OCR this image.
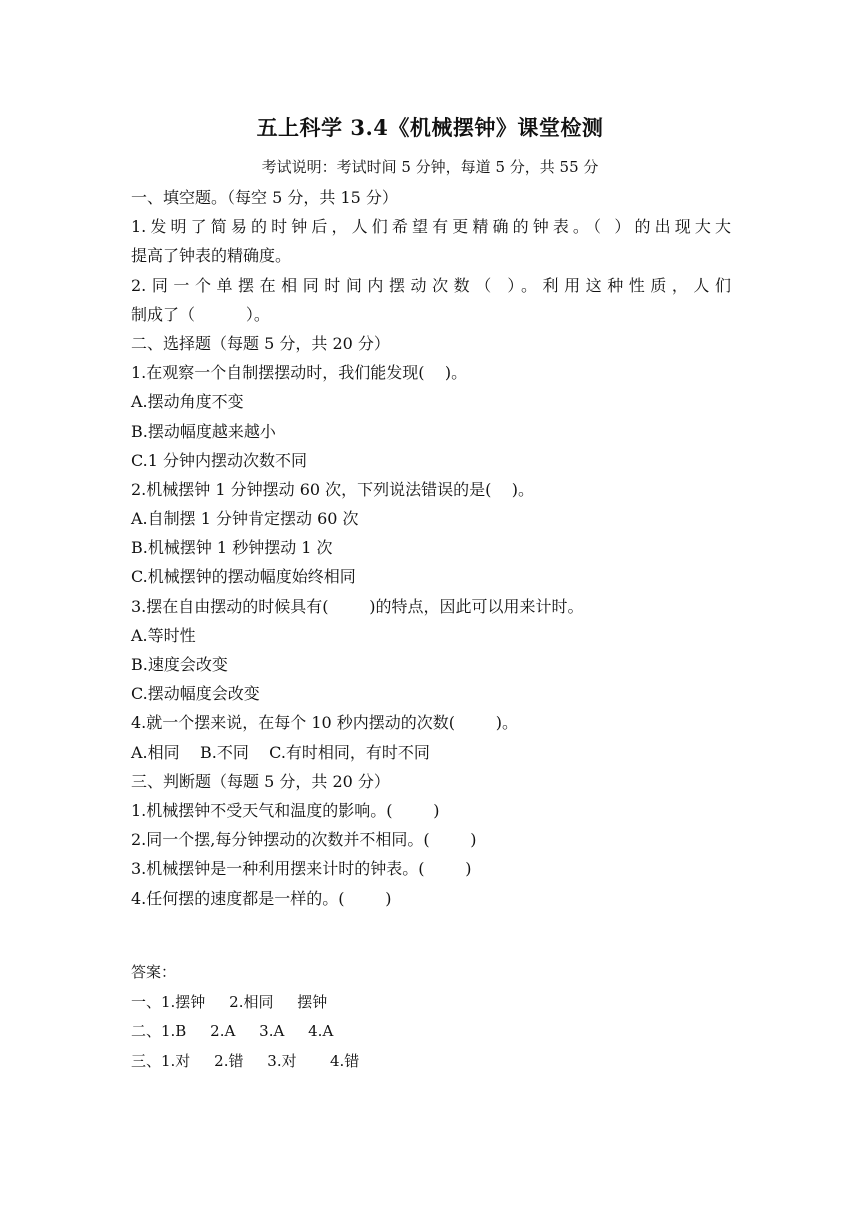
五上科学 3.4《机械摆钟》课堂检测
考试说明：考试时间 5 分钟，每道 5 分，共 55 分
一、填空题。（每空 5 分，共 15 分）
1.发明了简易的时钟后，人们希望有更精确的钟表。（ ）的出现大大
提高了钟表的精确度。
2.同一个单摆在相同时间内摆动次数（ ）。利用这种性质，人们
制成了（          ）。
二、选择题（每题 5 分，共 20 分）
1.在观察一个自制摆摆动时，我们能发现(    )。
A.摆动角度不变
B.摆动幅度越来越小
C.1 分钟内摆动次数不同
2.机械摆钟 1 分钟摆动 60 次，下列说法错误的是(    )。
A.自制摆 1 分钟肯定摆动 60 次
B.机械摆钟 1 秒钟摆动 1 次
C.机械摆钟的摆动幅度始终相同
3.摆在自由摆动的时候具有(        )的特点，因此可以用来计时。
A.等时性
B.速度会改变
C.摆动幅度会改变
4.就一个摆来说，在每个 10 秒内摆动的次数(        )。
A.相同    B.不同    C.有时相同，有时不同
三、判断题（每题 5 分，共 20 分）
1.机械摆钟不受天气和温度的影响。(        )
2.同一个摆,每分钟摆动的次数并不相同。(        )
3.机械摆钟是一种利用摆来计时的钟表。(        )
4.任何摆的速度都是一样的。(        )
答案：
一、1.摆钟     2.相同     摆钟
二、1.B     2.A     3.A     4.A
三、1.对     2.错     3.对       4.错
